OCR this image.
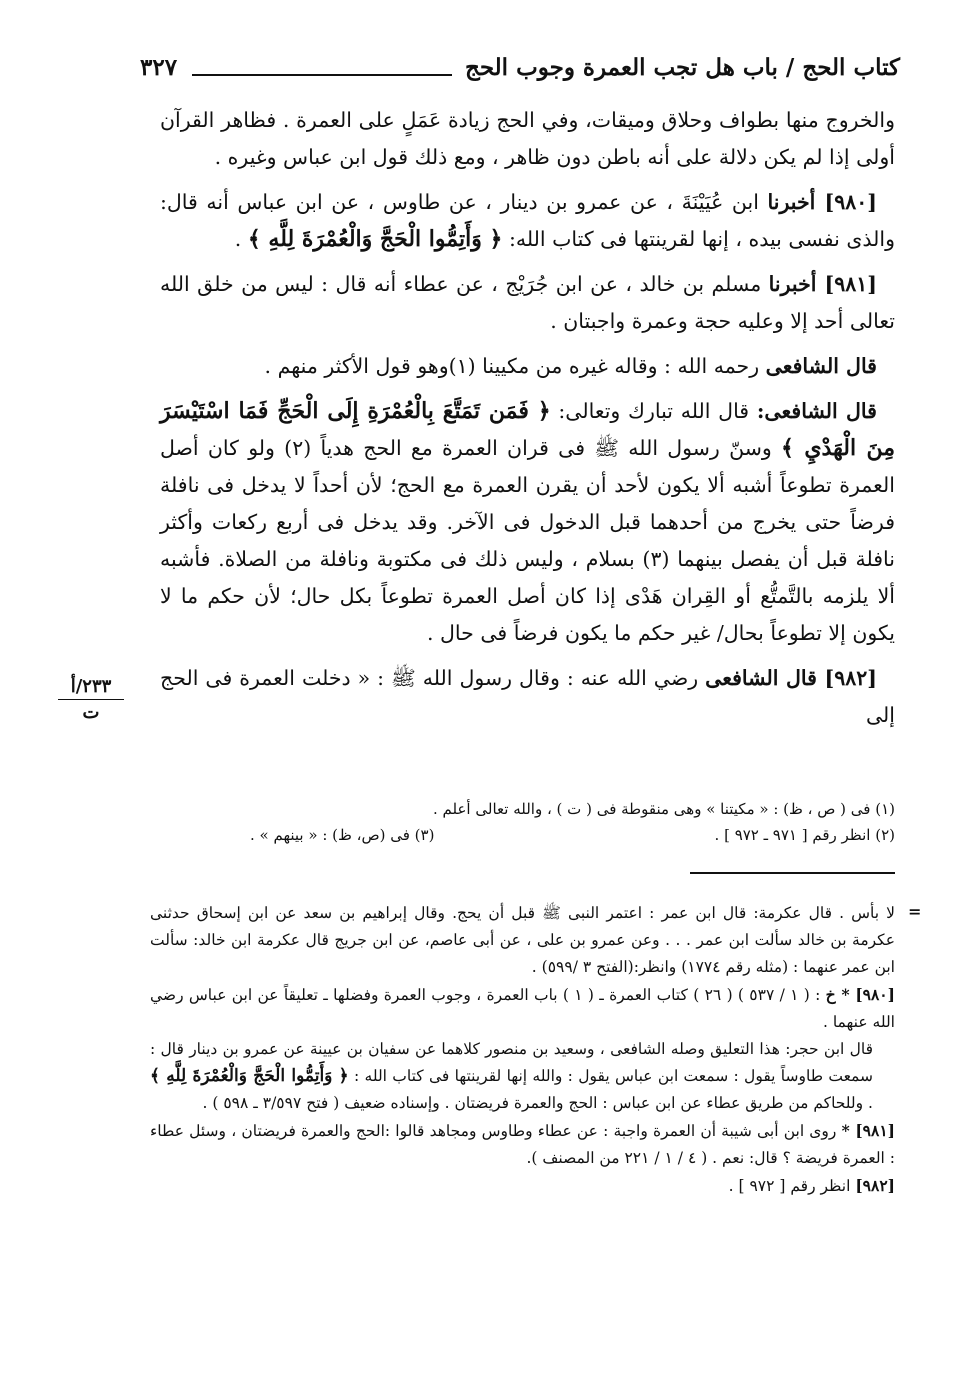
كتاب الحج / باب هل تجب العمرة وجوب الحج
٣٢٧

والخروج منها بطواف وحلاق وميقات، وفي الحج زيادة عَمَلٍ على العمرة . فظاهر القرآن أولى إذا لم يكن دلالة على أنه باطن دون ظاهر ، ومع ذلك قول ابن عباس وغيره .

[٩٨٠] أخبرنا ابن عُيَيْنَةَ ، عن عمرو بن دينار ، عن طاوس ، عن ابن عباس أنه قال: والذى نفسى بيده ، إنها لقرينتها فى كتاب الله: ﴿ وَأَتِمُّوا الْحَجَّ وَالْعُمْرَةَ لِلَّهِ ﴾ .

[٩٨١] أخبرنا مسلم بن خالد ، عن ابن جُرَيْج ، عن عطاء أنه قال : ليس من خلق الله تعالى أحد إلا وعليه حجة وعمرة واجبتان .

قال الشافعى رحمه الله : وقاله غيره من مكيينا (١)وهو قول الأكثر منهم .

قال الشافعى: قال الله تبارك وتعالى: ﴿ فَمَن تَمَتَّعَ بِالْعُمْرَةِ إِلَى الْحَجِّ فَمَا اسْتَيْسَرَ مِنَ الْهَدْيِ ﴾ وسنّ رسول الله ﷺ فى قران العمرة مع الحج هدياً (٢) ولو كان أصل العمرة تطوعاً أشبه ألا يكون لأحد أن يقرن العمرة مع الحج؛ لأن أحداً لا يدخل فى نافلة فرضاً حتى يخرج من أحدهما قبل الدخول فى الآخر. وقد يدخل فى أربع ركعات وأكثر نافلة قبل أن يفصل بينهما (٣) بسلام ، وليس ذلك فى مكتوبة ونافلة من الصلاة. فأشبه ألا يلزمه بالتَّمتُّع أو القِران هَدْى إذا كان أصل العمرة تطوعاً بكل حال؛ لأن حكم ما لا يكون إلا تطوعاً بحال/ غير حكم ما يكون فرضاً فى حال .

[٩٨٢] قال الشافعى رضي الله عنه : وقال رسول الله ﷺ : « دخلت العمرة فى الحج إلى

٢٣٣/أ
ت
(١) فى ( ص ، ظ) : « مكيتنا » وهى منقوطة فى ( ت ) ، والله تعالى أعلم .
(٢) انظر رقم [ ٩٧١ ـ ٩٧٢ ] .
(٣) فى (ص، ظ) : « بينهم » .
=

لا بأس . قال عكرمة: قال ابن عمر : اعتمر النبى ﷺ قبل أن يحج. وقال إبراهيم بن سعد عن ابن إسحاق حدثنى عكرمة بن خالد سألت ابن عمر . . . وعن عمرو بن على ، عن أبى عاصم، عن ابن جريج قال عكرمة ابن خالد: سألت ابن عمر عنهما : (مثله رقم ١٧٧٤) وانظر:(الفتح ٣ /٥٩٩) .

[٩٨٠] * خ : ( ١ / ٥٣٧ ) ( ٢٦ ) كتاب العمرة ـ ( ١ ) باب العمرة ، وجوب العمرة وفضلها ـ تعليقاً عن ابن عباس رضي الله عنهما .

قال ابن حجر: هذا التعليق وصله الشافعى ، وسعيد بن منصور كلاهما عن سفيان بن عيينة عن عمرو بن دينار قال : سمعت طاوساً يقول : سمعت ابن عباس يقول : والله إنها لقرينتها فى كتاب الله : ﴿ وَأَتِمُّوا الْحَجَّ وَالْعُمْرَةَ لِلَّهِ ﴾ . وللحاكم من طريق عطاء عن ابن عباس : الحج والعمرة فريضتان . وإسناده ضعيف ( فتح ٣/٥٩٧ ـ ٥٩٨ ) .

[٩٨١] * روى ابن أبى شيبة أن العمرة واجبة : عن عطاء وطاوس ومجاهد قالوا :الحج والعمرة فريضتان ، وسئل عطاء : العمرة فريضة ؟ قال: نعم . ( ٤ / ١ / ٢٢١ من المصنف ).

[٩٨٢] انظر رقم [ ٩٧٢ ] .
